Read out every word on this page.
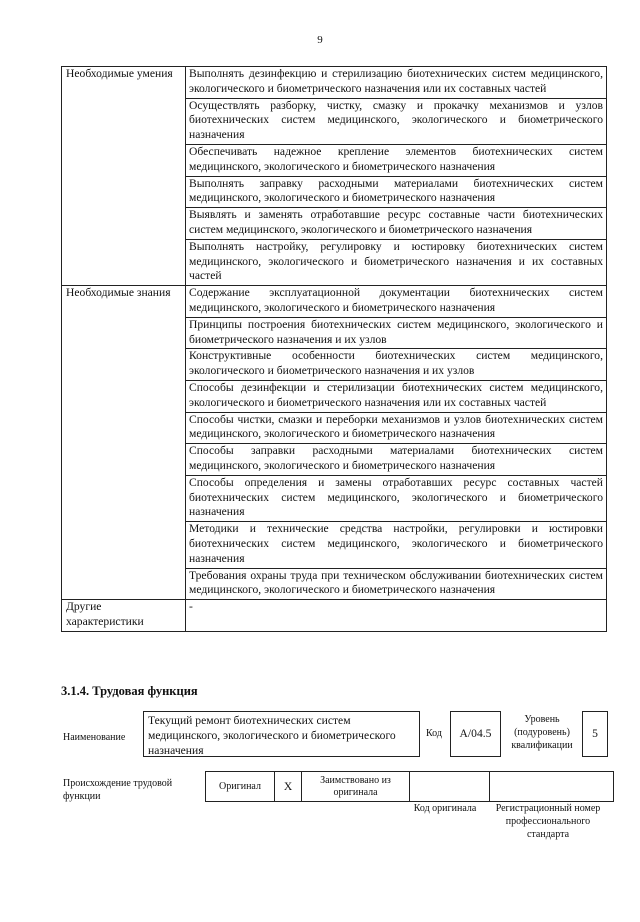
9
Необходимые умения	Выполнять дезинфекцию и стерилизацию биотехнических систем медицинского, экологического и биометрического назначения или их составных частей
	Осуществлять разборку, чистку, смазку и прокачку механизмов и узлов биотехнических систем медицинского, экологического и биометрического назначения
	Обеспечивать надежное крепление элементов биотехнических систем медицинского, экологического и биометрического назначения
	Выполнять заправку расходными материалами биотехнических систем медицинского, экологического и биометрического назначения
	Выявлять и заменять отработавшие ресурс составные части биотехнических систем медицинского, экологического и биометрического назначения
	Выполнять настройку, регулировку и юстировку биотехнических систем медицинского, экологического и биометрического назначения и их составных частей
Необходимые знания	Содержание эксплуатационной документации биотехнических систем медицинского, экологического и биометрического назначения
	Принципы построения биотехнических систем медицинского, экологического и биометрического назначения и их узлов
	Конструктивные особенности биотехнических систем медицинского, экологического и биометрического назначения и их узлов
	Способы дезинфекции и стерилизации биотехнических систем медицинского, экологического и биометрического назначения или их составных частей
	Способы чистки, смазки и переборки механизмов и узлов биотехнических систем медицинского, экологического и биометрического назначения
	Способы заправки расходными материалами биотехнических систем медицинского, экологического и биометрического назначения
	Способы определения и замены отработавших ресурс составных частей биотехнических систем медицинского, экологического и биометрического назначения
	Методики и технические средства настройки, регулировки и юстировки биотехнических систем медицинского, экологического и биометрического назначения
	Требования охраны труда при техническом обслуживании биотехнических систем медицинского, экологического и биометрического назначения
Другие характеристики	-
3.1.4. Трудовая функция
Наименование
Текущий ремонт биотехнических систем медицинского, экологического и биометрического назначения
Код	А/04.5
Уровень (подуровень) квалификации
5
Происхождение трудовой функции
Оригинал	X	Заимствовано из оригинала		
Код оригинала	Регистрационный номер профессионального стандарта
